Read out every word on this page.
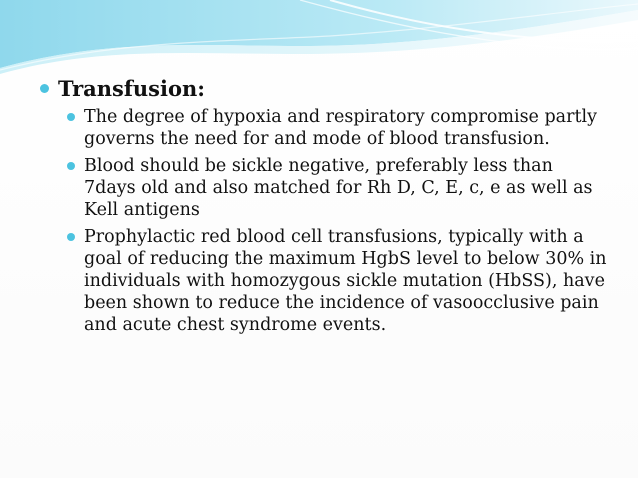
Transfusion:
The degree of hypoxia and respiratory compromise partly governs the need for and mode of blood transfusion.
Blood should be sickle negative, preferably less than 7days old and also matched for Rh D, C, E, c, e as well as Kell antigens
Prophylactic red blood cell transfusions, typically with a goal of reducing the maximum HgbS level to below 30% in individuals with homozygous sickle mutation (HbSS), have been shown to reduce the incidence of vasoocclusive pain and acute chest syndrome events.
